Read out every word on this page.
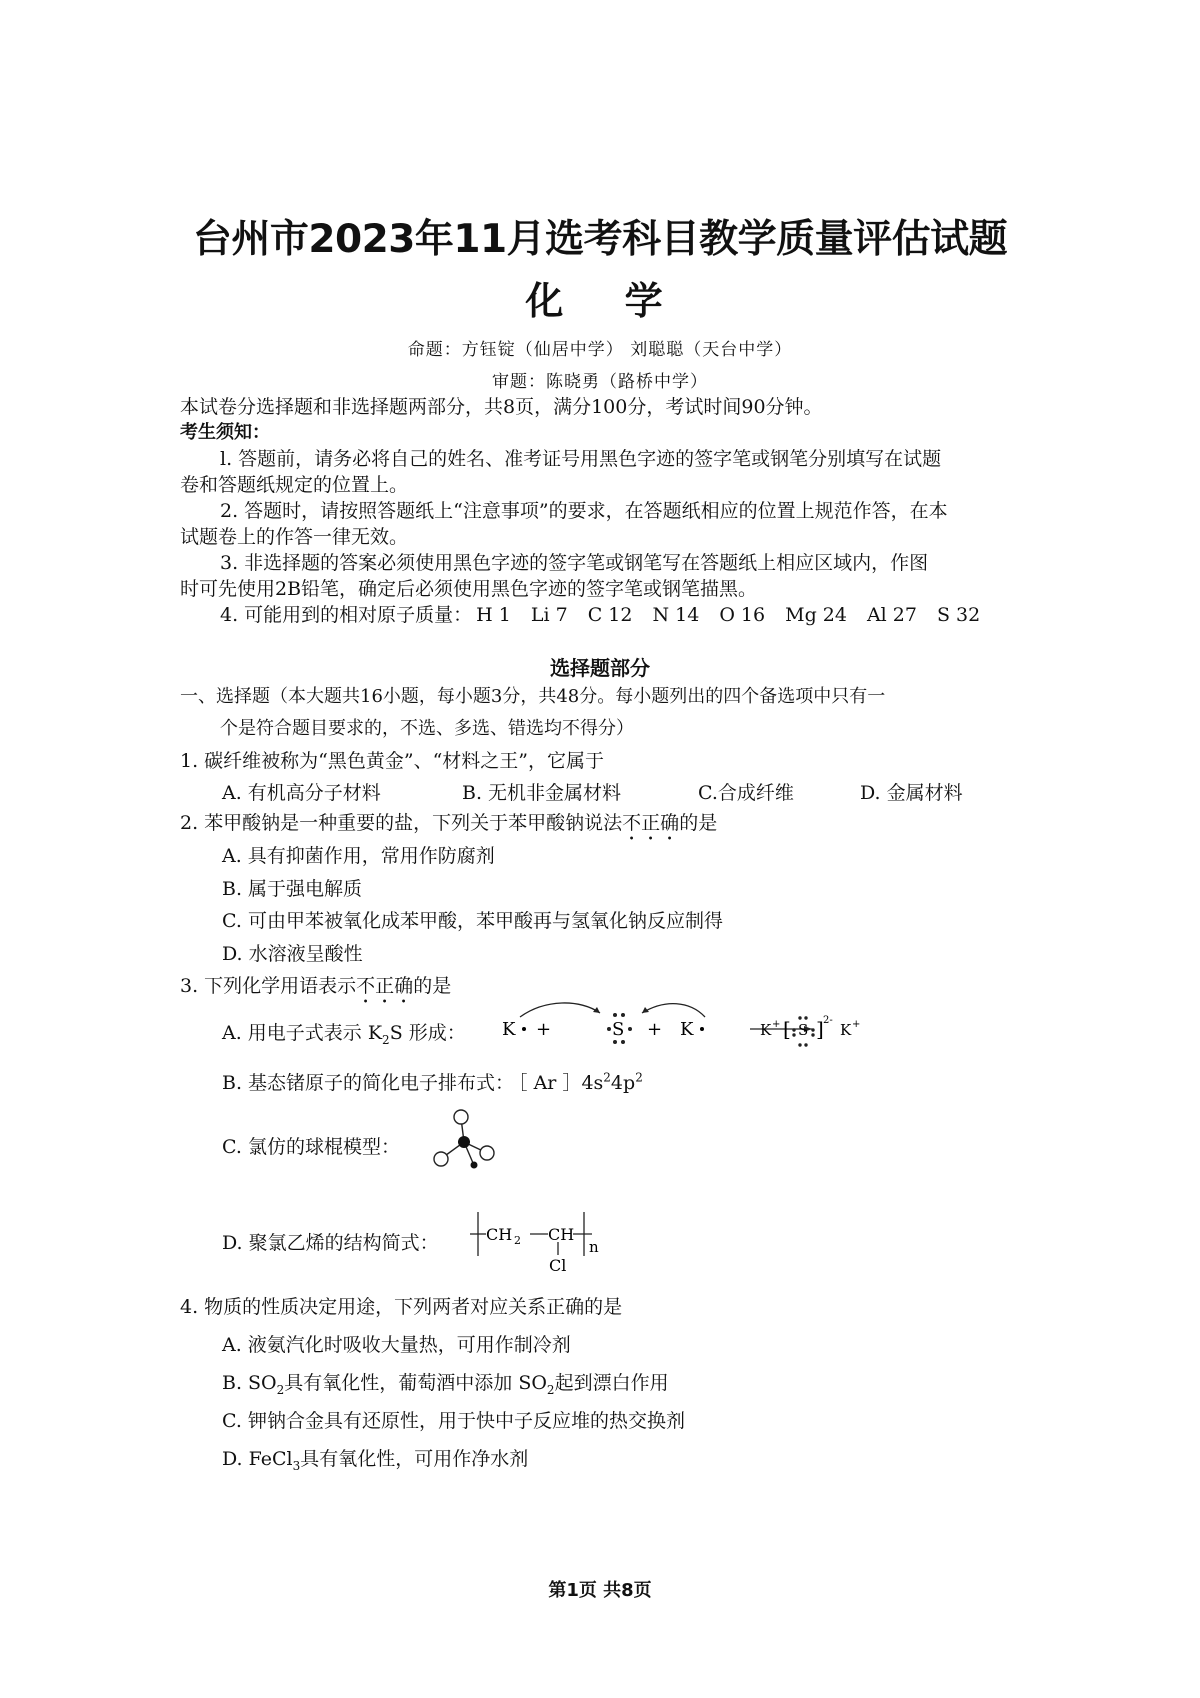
台州市2023年11月选考科目教学质量评估试题
化 学
命题：方钰锭（仙居中学） 刘聪聪（天台中学）
审题：陈晓勇（路桥中学）
本试卷分选择题和非选择题两部分，共8页，满分100分，考试时间90分钟。
考生须知：
l. 答题前，请务必将自己的姓名、准考证号用黑色字迹的签字笔或钢笔分别填写在试题
卷和答题纸规定的位置上。
2. 答题时，请按照答题纸上“注意事项”的要求，在答题纸相应的位置上规范作答，在本
试题卷上的作答一律无效。
3. 非选择题的答案必须使用黑色字迹的签字笔或钢笔写在答题纸上相应区域内，作图
时可先使用2B铅笔，确定后必须使用黑色字迹的签字笔或钢笔描黑。
4. 可能用到的相对原子质量： H 1 Li 7 C 12 N 14 O 16 Mg 24 Al 27 S 32
选择题部分
一、选择题（本大题共16小题，每小题3分，共48分。每小题列出的四个备选项中只有一
个是符合题目要求的，不选、多选、错选均不得分）
1. 碳纤维被称为“黑色黄金”、“材料之王”，它属于
A. 有机高分子材料	B. 无机非金属材料	C.合成纤维	D. 金属材料
2. 苯甲酸钠是一种重要的盐，下列关于苯甲酸钠说法不正确的是
A. 具有抑菌作用，常用作防腐剂
B. 属于强电解质
C. 可由甲苯被氧化成苯甲酸，苯甲酸再与氢氧化钠反应制得
D. 水溶液呈酸性
3. 下列化学用语表示不正确的是
A. 用电子式表示 $K_2S$ 形成： K +	S + K	K + [ S ] 2-
K +
B. 基态锗原子的简化电子排布式： ［ Ar $]4s^24p^2$
C. 氯仿的球棍模型：
D. 聚氯乙烯的结构简式：	CH 2 CH
Cl
n
4. 物质的性质决定用途，下列两者对应关系正确的是
A. 液氨汽化时吸收大量热，可用作制冷剂
B. $SO_2$具有氧化性，葡萄酒中添加 $SO_2$起到漂白作用
C. 钾钠合金具有还原性，用于快中子反应堆的热交换剂
D. FeCl$_3$具有氧化性，可用作净水剂
第1页 共8页
